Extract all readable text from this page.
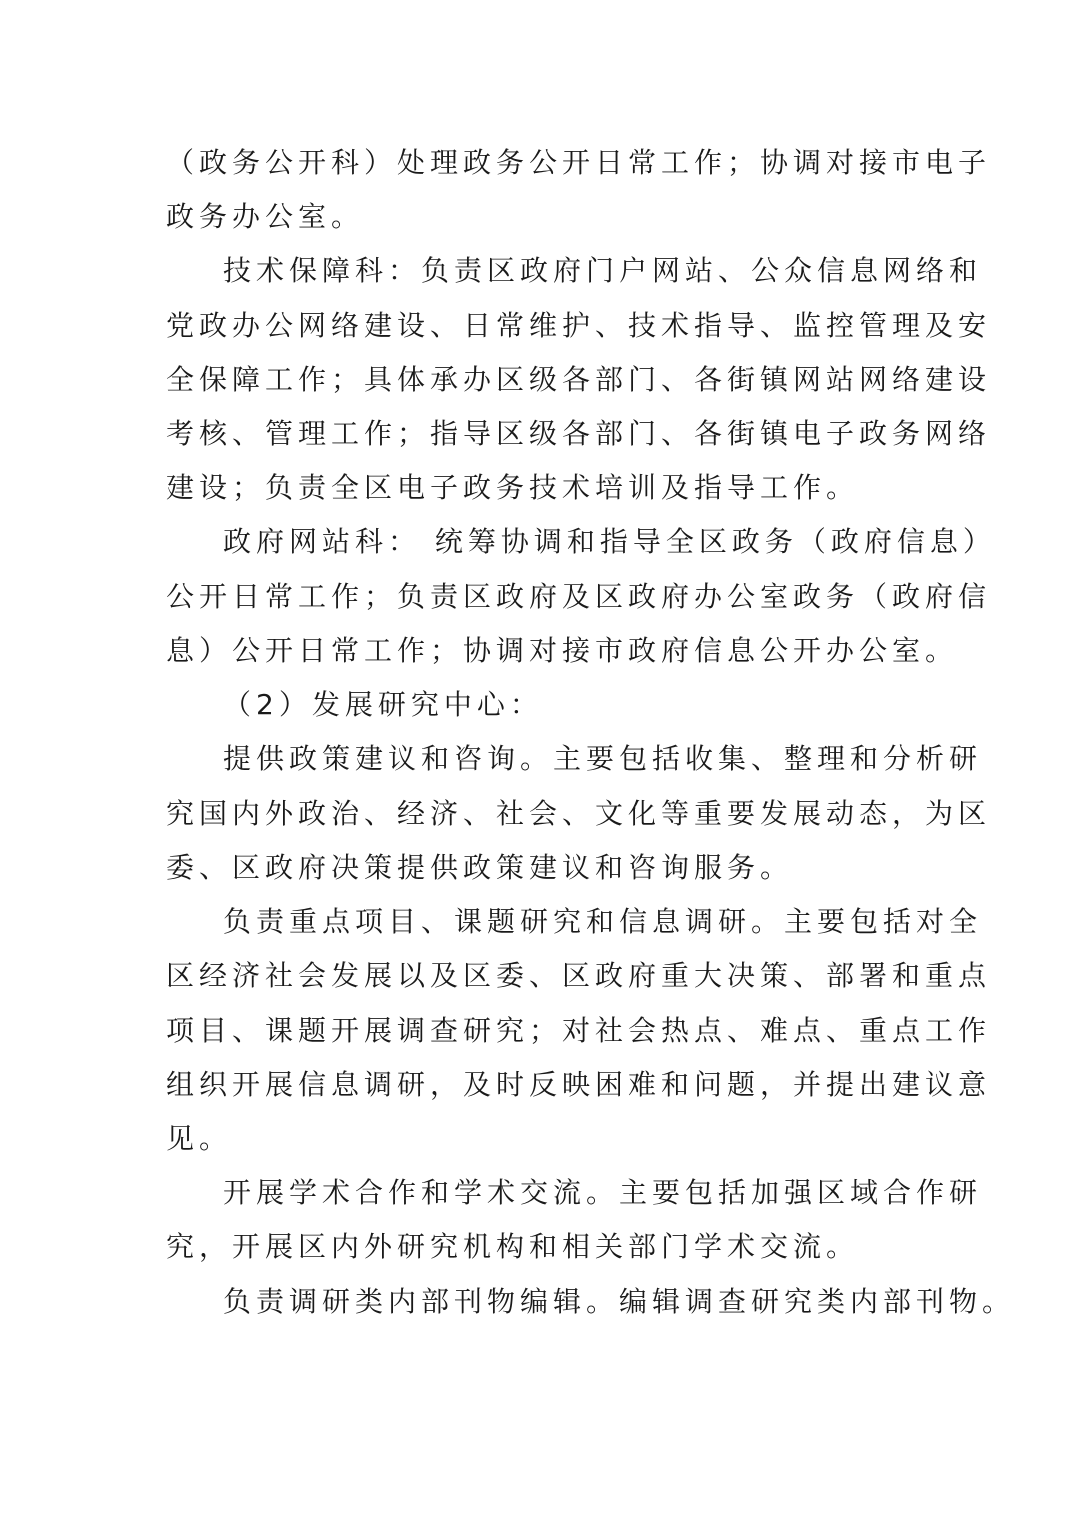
（政务公开科）处理政务公开日常工作；协调对接市电子
政务办公室。
技术保障科：负责区政府门户网站、公众信息网络和
党政办公网络建设、日常维护、技术指导、监控管理及安
全保障工作；具体承办区级各部门、各街镇网站网络建设
考核、管理工作；指导区级各部门、各街镇电子政务网络
建设；负责全区电子政务技术培训及指导工作。
政府网站科： 统筹协调和指导全区政务（政府信息）
公开日常工作；负责区政府及区政府办公室政务（政府信
息）公开日常工作；协调对接市政府信息公开办公室。
（2）发展研究中心：
提供政策建议和咨询。主要包括收集、整理和分析研
究国内外政治、经济、社会、文化等重要发展动态，为区
委、区政府决策提供政策建议和咨询服务。
负责重点项目、课题研究和信息调研。主要包括对全
区经济社会发展以及区委、区政府重大决策、部署和重点
项目、课题开展调查研究；对社会热点、难点、重点工作
组织开展信息调研，及时反映困难和问题，并提出建议意
见。
开展学术合作和学术交流。主要包括加强区域合作研
究，开展区内外研究机构和相关部门学术交流。
负责调研类内部刊物编辑。编辑调查研究类内部刊物。
